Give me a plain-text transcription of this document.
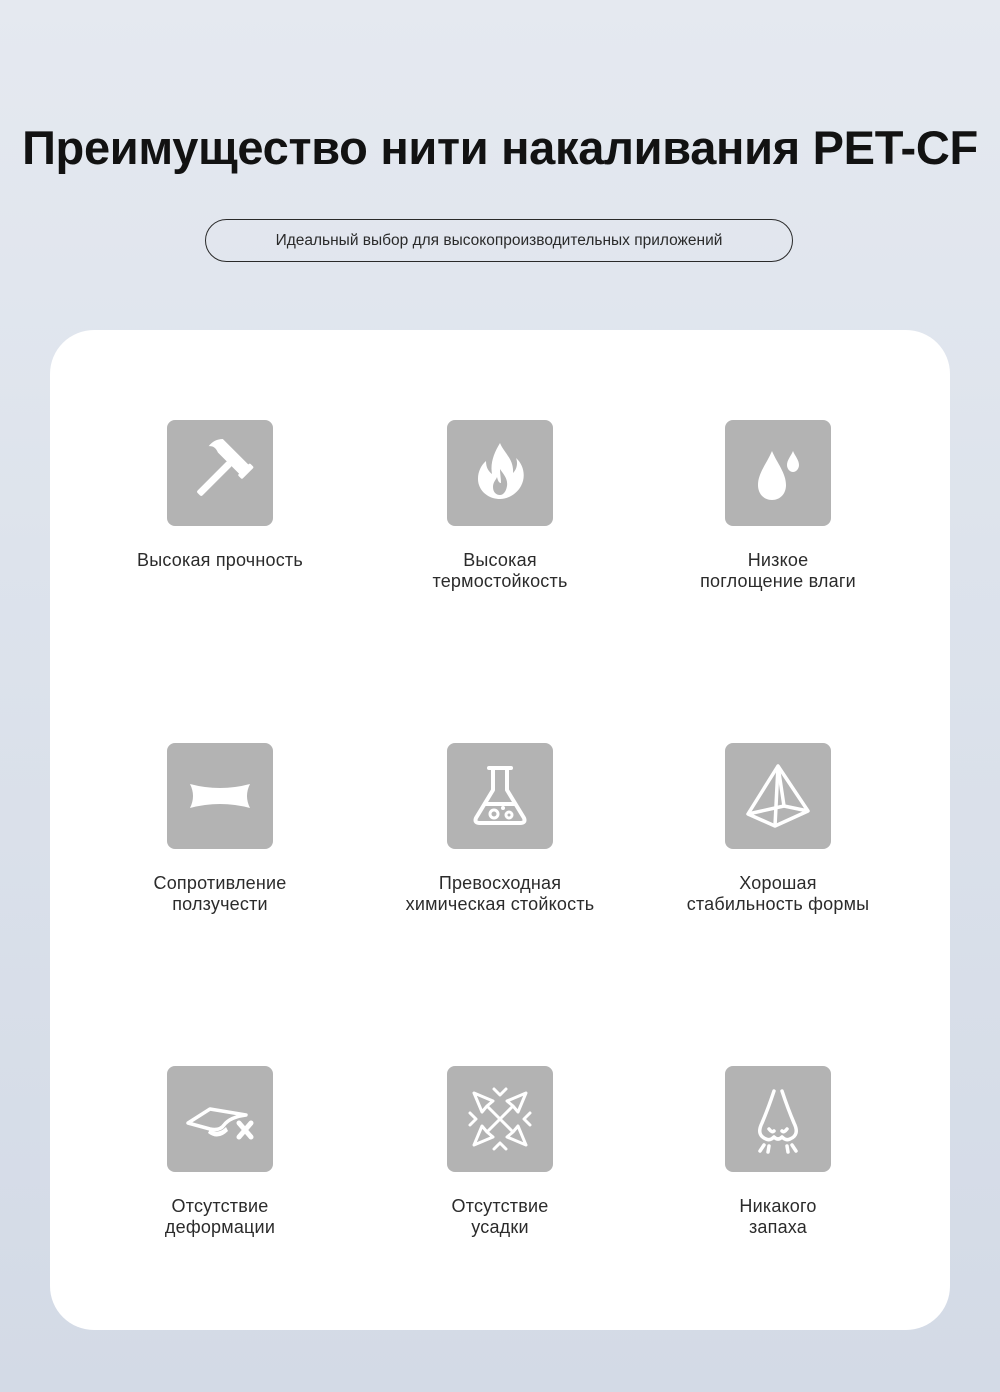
Преимущество нити накаливания PET-CF
Идеальный выбор для высокопроизводительных приложений
Высокая прочность	Высокая
термостойкость
Низкое
поглощение влаги
Сопротивление
ползучести
Превосходная
химическая стойкость
Хорошая
стабильность формы
Отсутствие
деформации
Отсутствие
усадки
Никакого
запаха
